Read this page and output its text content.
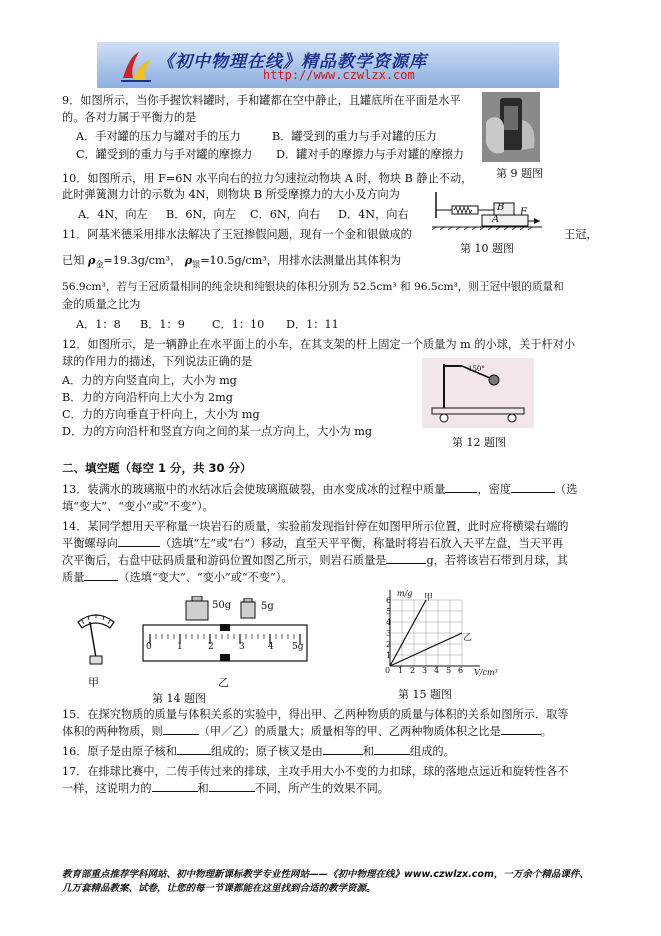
《初中物理在线》精品教学资源库
http://www.czwlzx.com
9．如图所示，当你手握饮料罐时，手和罐都在空中静止，且罐底所在平面是水平
的。各对力属于平衡力的是
A．手对罐的压力与罐对手的压力	B．罐受到的重力与手对罐的压力
C．罐受到的重力与手对罐的摩擦力 D．罐对手的摩擦力与手对罐的摩擦力
第 9 题图
10．如图所示，用 F=6N 水平向右的拉力匀速拉动物块 A 时，物块 B 静止不动，
此时弹簧测力计的示数为 4N，则物块 B 所受摩擦力的大小及方向为
A．4N，向左 B．6N，向左 C．6N，向右 D．4N，向右
B
A
F
第 10 题图
11．阿基米德采用排水法解决了王冠掺假问题，现有一个金和银做成的	王冠，
已知 $\rho_金=19.3g$/cm³， $\rho_银=10.5g$/cm³，用排水法测量出其体积为
56.9cm³，若与王冠质量相同的纯金块和纯银块的体积分别为 52.5cm³ 和 96.5cm³，则王冠中银的质量和
金的质量之比为
A．1：8 B．1：9 C．1：10 D．1：11
12．如图所示，是一辆静止在水平面上的小车，在其支架的杆上固定一个质量为 m 的小球，关于杆对小
球的作用力的描述，下列说法正确的是
A．力的方向竖直向上，大小为 mg
B．力的方向沿杆向上大小为 2mg
C．力的方向垂直于杆向上，大小为 mg
D．力的方向沿杆和竖直方向之间的某一点方向上，大小为 mg
150°
第 12 题图
二、填空题（每空 1 分，共 30 分）
13．装满水的玻璃瓶中的水结冰后会使玻璃瓶破裂，由水变成冰的过程中质量	，密度	（选
填“变大”、“变小”或“不变”）。
14．某同学想用天平称量一块岩石的质量，实验前发现指针停在如图甲所示位置，此时应将横梁右端的
平衡螺母向	（选填“左”或“右”）移动，直至天平平衡，称量时将岩石放入天平左盘，当天平再
次平衡后，右盘中砝码质量和游码位置如图乙所示，则岩石质量是	g，若将该岩石带到月球，其
质量	（选填“变大”、“变小”或“不变”）。
甲
50g	5g
0	1	2	3	4 5g
乙
第 14 题图
m/g
V/cm³
甲
乙
0 1 2 3 4 5 6
1
2
3
4
5
6
第 15 题图
15．在探究物质的质量与体积关系的实验中，得出甲、乙两种物质的质量与体积的关系如图所示．取等
体积的两种物质，则	（甲／乙）的质量大；质量相等的甲、乙两种物质体积之比是	。
16．原子是由原子核和	组成的；原子核又是由	和	组成的。
17．在排球比赛中，二传手传过来的排球，主攻手用大小不变的力扣球，球的落地点远近和旋转性各不
一样，这说明力的	和	不同，所产生的效果不同。
教育部重点推荐学科网站、初中物理新课标教学专业性网站——《初中物理在线》www.czwlzx.com，一万余个精品课件、
几万套精品教案、试卷，让您的每一节课都能在这里找到合适的教学资源。
